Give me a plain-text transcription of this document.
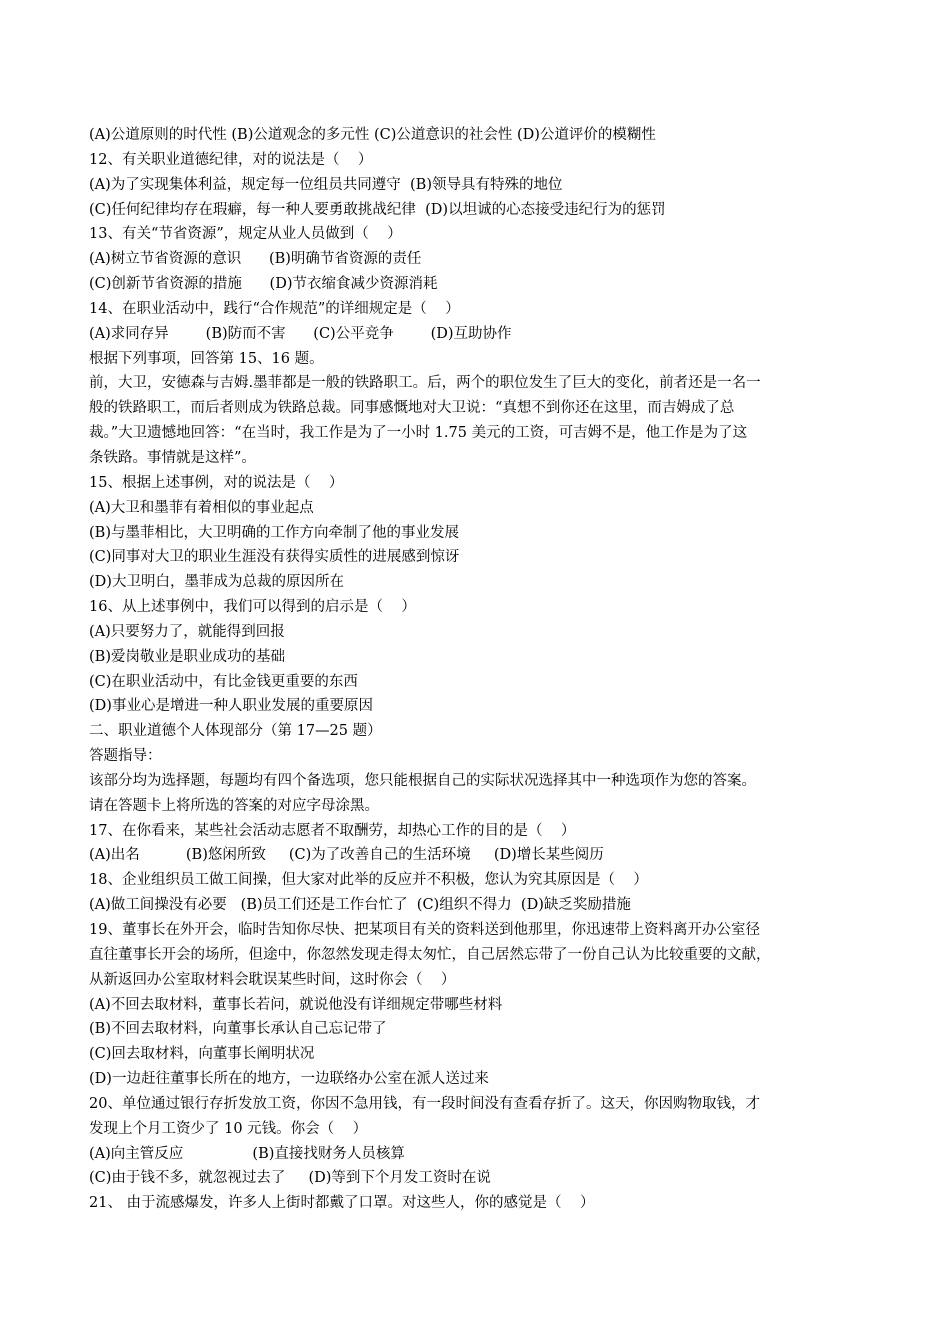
(A)公道原则的时代性 (B)公道观念的多元性 (C)公道意识的社会性 (D)公道评价的模糊性
12、有关职业道德纪律，对的说法是（    ）
(A)为了实现集体利益，规定每一位组员共同遵守  (B)领导具有特殊的地位
(C)任何纪律均存在瑕癖，每一种人要勇敢挑战纪律  (D)以坦诚的心态接受违纪行为的惩罚
13、有关“节省资源”，规定从业人员做到（    ）
(A)树立节省资源的意识      (B)明确节省资源的责任
(C)创新节省资源的措施      (D)节衣缩食减少资源消耗
14、在职业活动中，践行“合作规范”的详细规定是（    ）
(A)求同存异        (B)防而不害      (C)公平竞争        (D)互助协作
根据下列事项，回答第 15、16 题。
前，大卫，安德森与吉姆.墨菲都是一般的铁路职工。后，两个的职位发生了巨大的变化，前者还是一名一
般的铁路职工，而后者则成为铁路总裁。同事感慨地对大卫说：“真想不到你还在这里，而吉姆成了总
裁。”大卫遗憾地回答：“在当时，我工作是为了一小时 1.75 美元的工资，可吉姆不是，他工作是为了这
条铁路。事情就是这样”。
15、根据上述事例，对的说法是（    ）
(A)大卫和墨菲有着相似的事业起点
(B)与墨菲相比，大卫明确的工作方向牵制了他的事业发展
(C)同事对大卫的职业生涯没有获得实质性的进展感到惊讶
(D)大卫明白，墨菲成为总裁的原因所在
16、从上述事例中，我们可以得到的启示是（    ）
(A)只要努力了，就能得到回报
(B)爱岗敬业是职业成功的基础
(C)在职业活动中，有比金钱更重要的东西
(D)事业心是增进一种人职业发展的重要原因
二、职业道德个人体现部分（第 17—25 题）
答题指导：
该部分均为选择题，每题均有四个备选项，您只能根据自己的实际状况选择其中一种选项作为您的答案。
请在答题卡上将所选的答案的对应字母涂黑。
17、在你看来，某些社会活动志愿者不取酬劳，却热心工作的目的是（    ）
(A)出名          (B)悠闲所致     (C)为了改善自己的生活环境     (D)增长某些阅历
18、企业组织员工做工间操，但大家对此举的反应并不积极，您认为究其原因是（    ）
(A)做工间操没有必要   (B)员工们还是工作台忙了  (C)组织不得力  (D)缺乏奖励措施
19、董事长在外开会，临时告知你尽快、把某项目有关的资料送到他那里，你迅速带上资料离开办公室径
直往董事长开会的场所，但途中，你忽然发现走得太匆忙，自己居然忘带了一份自己认为比较重要的文献，
从新返回办公室取材料会耽误某些时间，这时你会（    ）
(A)不回去取材料，董事长若问，就说他没有详细规定带哪些材料
(B)不回去取材料，向董事长承认自己忘记带了
(C)回去取材料，向董事长阐明状况
(D)一边赶往董事长所在的地方，一边联络办公室在派人送过来
20、单位通过银行存折发放工资，你因不急用钱，有一段时间没有查看存折了。这天，你因购物取钱，才
发现上个月工资少了 10 元钱。你会（    ）
(A)向主管反应               (B)直接找财务人员核算
(C)由于钱不多，就忽视过去了     (D)等到下个月发工资时在说
21、 由于流感爆发，许多人上街时都戴了口罩。对这些人，你的感觉是（    ）
